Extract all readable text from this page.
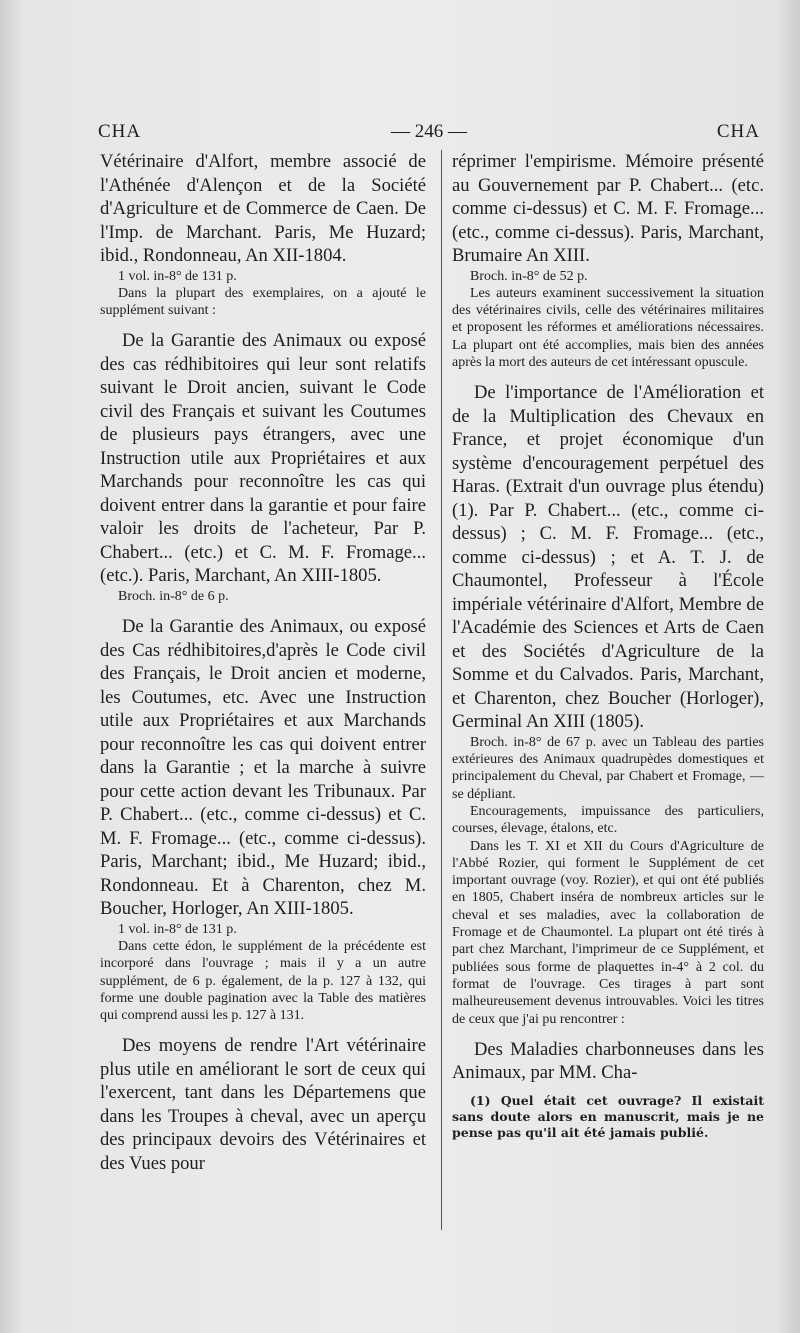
CHA	— 246 —	CHA

Vétérinaire d'Alfort, membre associé de l'Athénée d'Alençon et de la Société d'Agriculture et de Commerce de Caen. De l'Imp. de Marchant. Paris, Me Huzard; ibid., Rondonneau, An XII-1804.

1 vol. in-8° de 131 p.

Dans la plupart des exemplaires, on a ajouté le supplément suivant :

De la Garantie des Animaux ou exposé des cas rédhibitoires qui leur sont relatifs suivant le Droit ancien, suivant le Code civil des Français et suivant les Coutumes de plusieurs pays étrangers, avec une Instruction utile aux Propriétaires et aux Marchands pour reconnoître les cas qui doivent entrer dans la garantie et pour faire valoir les droits de l'acheteur, Par P. Chabert... (etc.) et C. M. F. Fromage... (etc.). Paris, Marchant, An XIII-1805.

Broch. in-8° de 6 p.

De la Garantie des Animaux, ou exposé des Cas rédhibitoires,d'après le Code civil des Français, le Droit ancien et moderne, les Coutumes, etc. Avec une Instruction utile aux Propriétaires et aux Marchands pour reconnoître les cas qui doivent entrer dans la Garantie ; et la marche à suivre pour cette action devant les Tribunaux. Par P. Chabert... (etc., comme ci-dessus) et C. M. F. Fromage... (etc., comme ci-dessus). Paris, Marchant; ibid., Me Huzard; ibid., Rondonneau. Et à Charenton, chez M. Boucher, Horloger, An XIII-1805.

1 vol. in-8° de 131 p.

Dans cette édon, le supplément de la précédente est incorporé dans l'ouvrage ; mais il y a un autre supplément, de 6 p. également, de la p. 127 à 132, qui forme une double pagination avec la Table des matières qui comprend aussi les p. 127 à 131.

Des moyens de rendre l'Art vétérinaire plus utile en améliorant le sort de ceux qui l'exercent, tant dans les Départemens que dans les Troupes à cheval, avec un aperçu des principaux devoirs des Vétérinaires et des Vues pour

réprimer l'empirisme. Mémoire présenté au Gouvernement par P. Chabert... (etc. comme ci-dessus) et C. M. F. Fromage... (etc., comme ci-dessus). Paris, Marchant, Brumaire An XIII.

Broch. in-8° de 52 p.

Les auteurs examinent successivement la situation des vétérinaires civils, celle des vétérinaires militaires et proposent les réformes et améliorations nécessaires. La plupart ont été accomplies, mais bien des années après la mort des auteurs de cet intéressant opuscule.

De l'importance de l'Amélioration et de la Multiplication des Chevaux en France, et projet économique d'un système d'encouragement perpétuel des Haras. (Extrait d'un ouvrage plus étendu) (1). Par P. Chabert... (etc., comme ci-dessus) ; C. M. F. Fromage... (etc., comme ci-dessus) ; et A. T. J. de Chaumontel, Professeur à l'École impériale vétérinaire d'Alfort, Membre de l'Académie des Sciences et Arts de Caen et des Sociétés d'Agriculture de la Somme et du Calvados. Paris, Marchant, et Charenton, chez Boucher (Horloger), Germinal An XIII (1805).

Broch. in-8° de 67 p. avec un Tableau des parties extérieures des Animaux quadrupèdes domestiques et principalement du Cheval, par Chabert et Fromage, — se dépliant.

Encouragements, impuissance des particuliers, courses, élevage, étalons, etc.

Dans les T. XI et XII du Cours d'Agriculture de l'Abbé Rozier, qui forment le Supplément de cet important ouvrage (voy. Rozier), et qui ont été publiés en 1805, Chabert inséra de nombreux articles sur le cheval et ses maladies, avec la collaboration de Fromage et de Chaumontel. La plupart ont été tirés à part chez Marchant, l'imprimeur de ce Supplément, et publiées sous forme de plaquettes in-4° à 2 col. du format de l'ouvrage. Ces tirages à part sont malheureusement devenus introuvables. Voici les titres de ceux que j'ai pu rencontrer :

Des Maladies charbonneuses dans les Animaux, par MM. Cha-

(1) Quel était cet ouvrage? Il existait sans doute alors en manuscrit, mais je ne pense pas qu'il ait été jamais publié.
